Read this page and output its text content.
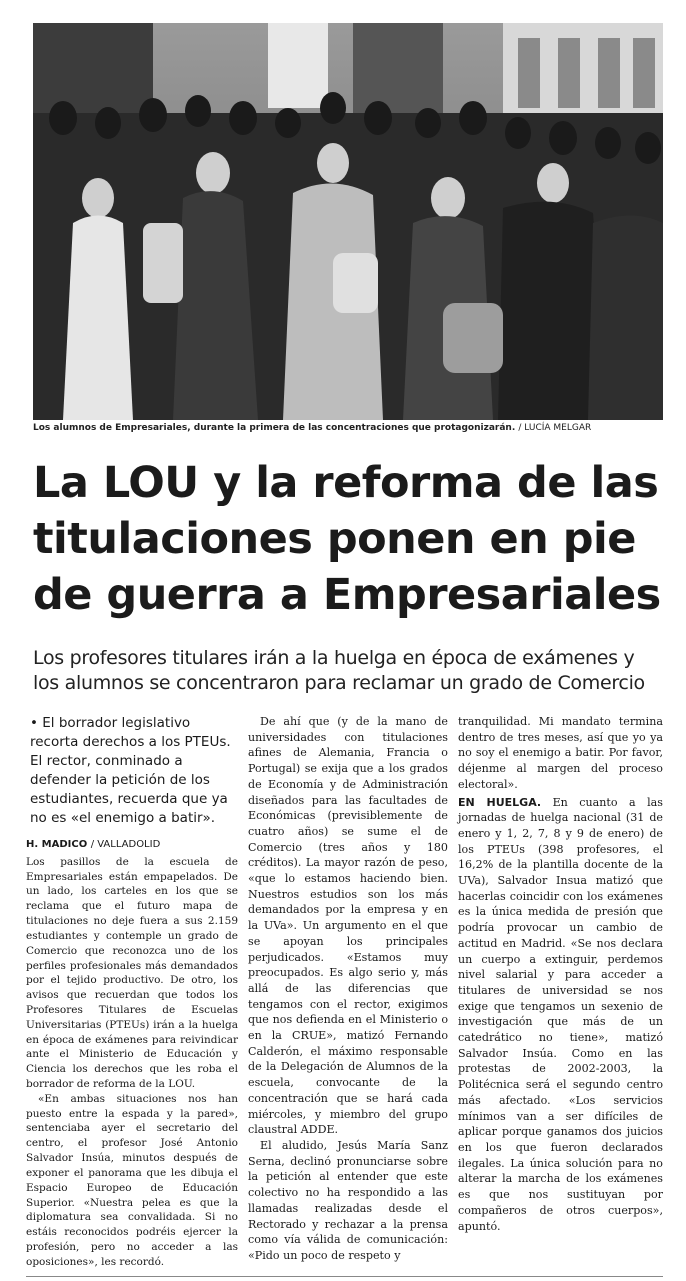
Los alumnos de Empresariales, durante la primera de las concentraciones que protagonizarán. / LUCÍA MELGAR
La LOU y la reforma de las
titulaciones ponen en pie
de guerra a Empresariales
Los profesores titulares irán a la huelga en época de exámenes y
los alumnos se concentraron para reclamar un grado de Comercio
• El borrador legislativo recorta derechos a los PTEUs. El rector, conminado a defender la petición de los estudiantes, recuerda que ya no es «el enemigo a batir».
H. MADICO / VALLADOLID

Los pasillos de la escuela de Empresariales están empapelados. De un lado, los carteles en los que se reclama que el futuro mapa de titulaciones no deje fuera a sus 2.159 estudiantes y contemple un grado de Comercio que reconozca uno de los perfiles profesionales más demandados por el tejido productivo. De otro, los avisos que recuerdan que todos los Profesores Titulares de Escuelas Universitarias (PTEUs) irán a la huelga en época de exámenes para reivindicar ante el Ministerio de Educación y Ciencia los derechos que les roba el borrador de reforma de la LOU.

«En ambas situaciones nos han puesto entre la espada y la pared», sentenciaba ayer el secretario del centro, el profesor José Antonio Salvador Insúa, minutos después de exponer el panorama que les dibuja el Espacio Europeo de Educación Superior. «Nuestra pelea es que la diplomatura sea convalidada. Si no estáis reconocidos podréis ejercer la profesión, pero no acceder a las oposiciones», les recordó.

De ahí que (y de la mano de universidades con titulaciones afines de Alemania, Francia o Portugal) se exija que a los grados de Economía y de Administración diseñados para las facultades de Económicas (previsiblemente de cuatro años) se sume el de Comercio (tres años y 180 créditos). La mayor razón de peso, «que lo estamos haciendo bien. Nuestros estudios son los más demandados por la empresa y en la UVa». Un argumento en el que se apoyan los principales perjudicados. «Estamos muy preocupados. Es algo serio y, más allá de las diferencias que tengamos con el rector, exigimos que nos defienda en el Ministerio o en la CRUE», matizó Fernando Calderón, el máximo responsable de la Delegación de Alumnos de la escuela, convocante de la concentración que se hará cada miércoles, y miembro del grupo claustral ADDE.

El aludido, Jesús María Sanz Serna, declinó pronunciarse sobre la petición al entender que este colectivo no ha respondido a las llamadas realizadas desde el Rectorado y rechazar a la prensa como vía válida de comunicación: «Pido un poco de respeto y

tranquilidad. Mi mandato termina dentro de tres meses, así que yo ya no soy el enemigo a batir. Por favor, déjenme al margen del proceso electoral».

EN HUELGA. En cuanto a las jornadas de huelga nacional (31 de enero y 1, 2, 7, 8 y 9 de enero) de los PTEUs (398 profesores, el 16,2% de la plantilla docente de la UVa), Salvador Insua matizó que hacerlas coincidir con los exámenes es la única medida de presión que podría provocar un cambio de actitud en Madrid. «Se nos declara un cuerpo a extinguir, perdemos nivel salarial y para acceder a titulares de universidad se nos exige que tengamos un sexenio de investigación que más de un catedrático no tiene», matizó Salvador Insúa. Como en las protestas de 2002-2003, la Politécnica será el segundo centro más afectado. «Los servicios mínimos van a ser difíciles de aplicar porque ganamos dos juicios en los que fueron declarados ilegales. La única solución para no alterar la marcha de los exámenes es que nos sustituyan por compañeros de otros cuerpos», apuntó.
